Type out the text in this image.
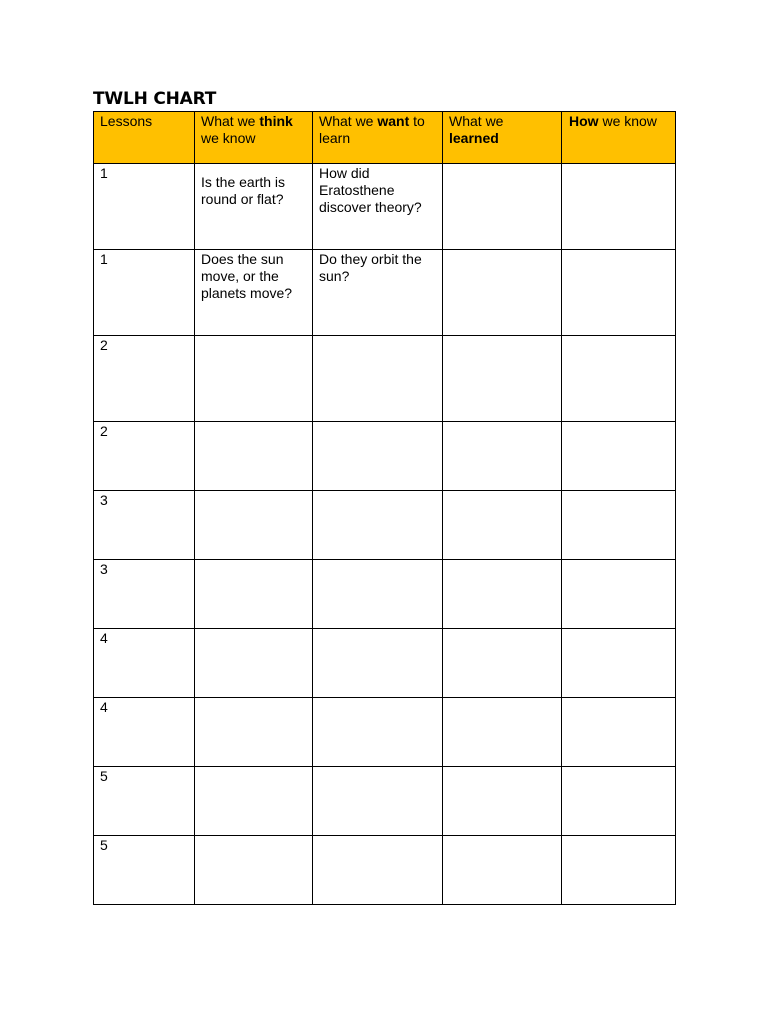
TWLH CHART
Lessons	What we think we know	What we want to learn	What we learned	How we know
1	Is the earth is round or flat?	How did Eratosthene discover theory?		
1	Does the sun move, or the planets move?	Do they orbit the sun?		
2				
2				
3				
3				
4				
4				
5				
5				
